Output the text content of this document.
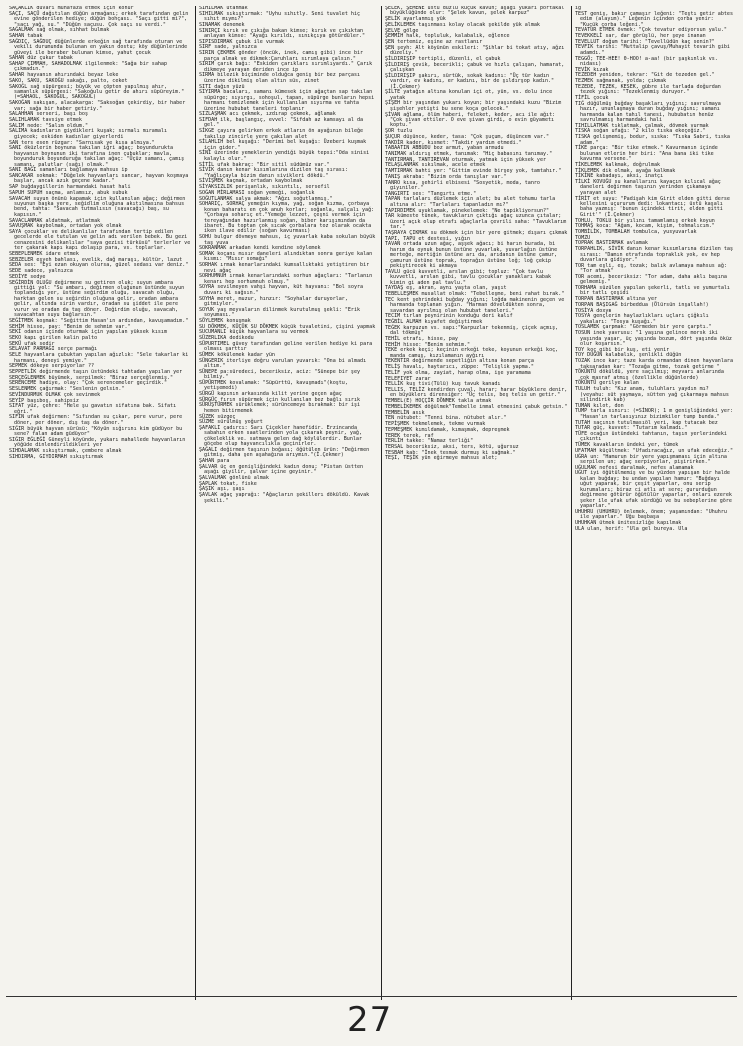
SAÇAKLIK duvarı muhafaza etmek için konur
SAÇI, SAÇÜ dağıtılan düğün armağanı; erkek tarafından gelin evine gönderilen hediye; düğün bohçası. "Saçı gitti mi?", "saçı yağ, su." "Düğün saçusu. Çok saçı su verdi."
SAĞALMAK sağ olmak, sıhhat bulmak
SAHAN tabak
SAĞDIÇ, SAĞDUÇ düğünlerde erkeğin sağ tarafında oturan ve vekili durumunda bulunan en yakın dostu; köy düğünlerinde güveyi ile beraber bulunan kimse, yahut çocuk
SAHAN düz çukur tabak
SAHAP ÇIMMAH, SAHADOLMAK ilgilenmek: "Sağa bir sahap çıkmadın."
SAHAR hayvanın ahırındaki beyaz leke
SAKO, SAKU, SAKOĞU sakağı, palto, ceket
SAKOĞL sağ süpürgesi; büyük ve çöpten yapılmış ahır, samanlık süpürgesi: "Sakoğulu getir de ahırı süpüreyim." (=SAHAOL, SAKOĞUL, SAKOĞUL)
SAKOĞAN sakışan, alacakarga: "Saksoğan çekirdiy, bir haber var; sağa bir haber getiriy."
SALAHHAN serseri, başı boş
SALIHLAMAK tavsiye etmek
SALIM nede: "Salım oldum."
SALIMA kadınların giydikleri kuşak; sırmalı mıramalı giyecek; eskiden kadınlar giyerlerdi
SAN ters esen rüzgar: "Sarnısak ye kısa almıya."
SANI öküzlerin boynuna takılan iğri ağaç; boyunduruktа hayvanın boynunun iki tarafına inen çubuklar; mavla, boyunduruk boyunduruğa takılan ağaç: "Üçüz samanı, çamış samanı, palutlar (sağı) olmak."
SANI BAĞI samanları bağlamaya mahsus ip
SANCAKAR sokmak: "Düğelek hayvanları sancar, hayvan koşmaya başlar, ancak azık geçene kadar."
SAP buğdaygillerin harmandaki hasat hali
SAPUH SUPUH saçma, anlamsız, abuk subuk
SAVACAH suyun önünü kapamak için kullanılan ağaç; değirmen suyunun başka yere, seğidlim oluğuna akıtılmasına bahsus bend, tahta: "Savacah tutmalısın (savacağı) baş, su kapısın."
SAVACLANMAK aldatmak, atlatmak
SAVUŞMAK kaybolmak, ortadan yok olmak
SAYA çocuklar ve delikanlılar tarafından tertip edilen gecelerde ele tutulan ve gelin adı verilen bebek. Bu gezi cenazesini delikanlılar "saya gezisi türküsü" terlerler ve ter çakarak kapı kapı dolaşıp para, vs. toplarlar.
SEBEPLENMEK idare etmek
SEBZELER eşyeh bahlası, evelik, dağ maraşı, kültür, lazut
SEDA ses: "Eyi ezan okuyan olursa, güzel sedası var deniz."
SEDE sadece, yalnızca
SEDİYE sedye
SEĞİRDİN OLUĞU değirmene su getiren oluk; suyun ambara gittiği yol: "Su ambarı, değirmen oluğunun üstünde suyun toplandığı yer, üstüne seğirdim oluğu, savacah oluğu, harktan gelen su seğirdin oluğuna gelir, oradan ambara gelir, altında sirin vardır, oradan su şiddet ile pere vurur ve oradan da taş döner. Değirdim oluğu, savacah, savacahtan suyu bağlarsın."
SEĞİTMEK koşmak: "Seğittim Hasan'ın ardından, kavuşamadım."
SEHİM hisse, pay: "Benim de sehmim var."
SEKİ odanın içinde oturmak için yapılan yüksek kısım
SEKO kapı girilen kalin palto
SEKÜ ufak sedir
SELAVAT PARMAĞI serçe parmağı
SELE hayvanlara çubuktan yapılan ağızlık: "Sele takarlar ki harmanı, deneyi yemiye."
SEPMEK dökeye serpiyorlar ??
SEPPETLİK değirmende taşın üstündeki tahtadan yapılan yer
SERÇEĞLENMEK büyümek, serpilmek: "Biraz serçeğlenmiş."
SERENCEME hadiye, olay: "Çok serencemeler geçirdik."
SESLENMEK çağırmak: "Seslenin gelsin."
SEVİNDURMUK OLMAK çok sevinmek
SEYİP başıboş, sahipsiz
SIFAT yüz, çehre: "Hele şu gavatın sifatına bak. Sifatı eğri."
SIFIN ufak değirmen: "Sıfından su çıkar, pere vurur, pere döner, per döner, dış taş da döner."
SIĞIR büyük hayvan sürüsü: "Köyün sığırını kim güdüyor bu sene? falan adam güdüyor"
SIĞIR EĞLEĞİ Güneyli köyünde, yukarı mahallede hayvanların yöğüde dinlendirildikleri yer
SIHDALAMAK sıkıştırmak, çembere almak
SIHDIRMA, GIYDIRMAH sıkıştırmak
SIHILMAK utanmak
SIHILMAK sıkıştırmak: "Uyhu sıhıtly. Seni tuvalet hiç sıhıt mıymı?"
SINAMAK denemek
SINIRÇI kırık ve çıkığa bakan kimse; kırık ve çıkıktan anlayan kimse: "Ayağı kırıldı, sınıkçıya götürdüler."
SIPISDIRMAK çubuk ile vurmak
SIRF sade, yalnızca
SIRIN ÇEKMEK gönder (öncük, inek, camış gibi) ince bir parça almak ve dikmek:Çaruhları sırımlaya çalsın."
SIRIM çarık bağı: "Eskiden çarıkları sırımlıyardı." Çarık dikmeye yarayan deriden ince ip
SIRMA bilezik biçiminde olduğca geniş bir bez parçası üzerine dikilmiş olan altın süs, zinet
SITI dağın yüzü
SIYIRMA bacaları, samanı kümesek için ağaçtan sap takılan süpürge; sıyırgı, sohoşul, tapan, süpürge bunların hepsi harmanı temizlemek için kullanılan sıyırma ve tahta üzerine hububat taneleri toplanır
SIZLAŞMAK acı çekmek, ızdırap çekmek, ağlamak
SIFDAH ilk, başlangıç, evvel: "Sifdah az kamsayı al da gel."
SİKGE çayıra gelirken erkek atların ön ayağının bileğe takılıp zincirle yere çakılan alet
SİLAHLIH bel kuşağı: "Derimi bel kuşağı: Üzeberi kuşmak için gider."
SİNİ üzerinde yemeklerin yendiği büyük tepsi:"Oda sinisi kalaylı olur."
SİTİL ufak bakraç: "Bir sitil südümüz var."
SİVİK danın kenar kısımlarına dizilen taş sırası: "Yağlıçayla bizim danın sivikleri dökdü."
SİVİŞMEK kaçmak, ortadan kaybolmak
SİYAKSIZLIK perişanlık, sıkıntılı, sersefil
SOĞAN MİRLAMASI soğan yemeği, soğanlık
SOĞUTLANMAK salya akmak: "Ağzı soğutlanmış."
SOHARIÇ, SORHAÇ yemeğin kıyma, yağ, soğan kızma, çorbaya konan baharatı en çok anuh korlar; soğanla, salçalı yağ: "Çorbaya soharıç et."Yemeğe lezzet, çeşni vermek için tereyağından hazırlanmış soğan, biber karışımından da ibaret. Bu toptan çok sıcak çorbalara toz olarak ocakta iken ilave edilir (soğan kavurması)
SOHU bulgur dövmeye mahsus, iç yuvarlak kaba sokulan büyük taş yuva
SOKRANMAK arkadan kendi kendine söylemek
SOMAK koçanı mısır daneleri alındıktan sonra geriye kalan kısmı: "Mısır somağı"
SORHAK ırmak kenarlarındaki kumsallıktaki yetiştiren bir nevi ağaç
SORHUMNUH ırmak kenarlarındaki sorhun ağaçları: "Tarlanın kenarı hep sorhumnuh olmuş."
SOYRA sevilmeyen vahşi hayvan, küt hayvanı: "Bol soyra duvarı ki sağsın."
SOYHA meret, muzur, hınzır: "Soyhalar duruyorlar, gitmiyler."
SOYUK yaş meyvaların dilinmek kurutulmuş şekli: "Erik soyuması."
SÖYLEMEK konuşmak
SU DÖKMEK, KÜÇÜK SU DÖKMEK küçük tuvaletini, çişini yapmak
SUCUMANLI küçük hayvanlara su vermek
SÜZERLIKA dedikodu
SÜPURTIMEL güvey tarafından geline verilen hediye ki para olması şarttır
SÜMEK kökülemek kadar yün
SÜNGERIK iterliye doğru varulan yuvarık: "Ona bi almadı altım."
SÜNEPE pa:süredeci, beceriksiz, aciz: "Sünepe bir şey bilmiy."
SÜPÜRTMEK kovalamak: "Süpürttü, kavuşmadı"(koştu, yetişemedi)
SÜRGÜ kapının arkasında kilit yerine geçen ağaç
SÜRGÜÇ fırın süpürmek için kullanılan bez bağlı sırık
SÜRÜŞTÜRMEK sürüklemek; sürüncemeye bırakmak: bir işi hemen bitirmemek
SÜZEK süzgeç
SÜZME sürülmüş yoğurt
ŞAFAKLI çadırcı: Sarı Çiçekler hanefidir. Erzincanda sabahın erken saatlerinden yola çıkarak peynir, yağ, çökeleklik ve. satmaya gelen dağ köylülerdir. Bunlar göçebe olup hayvancılıkla geçinirler.
ŞAĞALI değirmen taşının boğası; öğütülen ürün: "Değirmen gitmiş, daha şen aşahağına arıymın."(İ.Çekmer)
ŞAHAN para
ŞALVAR üç en genişliğindeki kadın donu; "Pistan üstten aşağı giyilir, şalvar içine geyinir."
ŞALVALMAK gönlünü almak
ŞAPLAK tokat, fiske
ŞAŞIK aşı, şaşı
ŞAVLAK ağaç yaprağı: "Ağaçların şekillerı döküldü. Kavak şekili."
ŞELEK, ŞEMENE üstü düzlü küçük kavun; aşağı yukarı portakal büyüklüğünde olur: "Şelek kavun, şelek karpuz"
ŞELİK ayarlanmış yük
ŞELİKLEMEK taşınması kolay olacak şekilde yük almak
ŞELVE gölge
ŞEMMİH halk, topluluk, kalabalık, eğlence
ŞEN tertemiz, eşine az rastlanır
ŞEN şeyh: Alt köyünün eskileri: "Şihlar bi tokat atıy, ağzı düzeliy."
ŞİLDIRIŞIP tertipli, düzenli, el çabuk
ŞİLDIRIŞ çevik, becerikli; çabuk ve hızlı çalışan, hamarat, çalışkan
ŞİLDIRIŞIP şakırı, sürtük, sokak kadını: "Üç tür kadın vardır, ev kadını, er kadını, bir de şıldırşop kadın." (İ.Çekmer)
ŞİLTE yatağın altına konulan içi ot, yün, vs. dolu ince yatak
ŞİŞEH bir yaşından yukarı koyun; bir yaşındaki kuzu "Bizim şişehler yetişti bu sene koça gelecek."
ŞİVAN ağlama, ölüm haberi, feleket, keder, acı ile ağıt: "Çok şivan ettiler. O eve şivan girdi, o evin güyametı koptu."
ŞOR tuzlu
ŞUÇUR düşünce, keder, tasa: "Çok şuçum, düşüncem var."
TAKDİR kader, kısmet: "Takdir yardım etmedi."
TABAATIN ABBUDU boz armut, yaban armudu
TANIMAK aldırış etmek, tanımak: "Hiç babasını tanımay."
TANTIRMAN, TANTIREVAN oturmak, yatmak için yüksek yer
TELAŞLANMAK sıkılmak, acele etmek
TAMTIRMAK bahti yer: "Gittim evinde birşey yok, tamtahır."
TANIŞ akraba: "Bizim orda tanışlar var."
TANRO kısa, şehirli elbisesi "Sosyetik, moda, tanro giyıniler."
TANGIRTI ses: "Tangırtı etme."
TAPAN tarlaları düzlemek için alet; bu alet tohumu tarla altına alır: "Tarlaları tapanladın mı?"
TAPIRDIMEK uyuklamak, pinekelemek: "Ne tapikliyorsun?"
TAR kümeste tünek, tavukların çıktığı ağaç uzunca çıtalar; üzeri açık olup etrafı ağaçlarla çevrili saha: "Tavuklarım tar."
TAŞRAYA ÇIKMAK su dökmek için bir yere gitmek; dışarı çıkmak
TAPI, TAPU et destesi, yığın
TAVAN ortada uzun ağaç, aşşek ağacı; bi harın burada, bi harım da oynuk bunun üstüne yuvarlak, yuvarlağın üstüne merteğe, mertiğin üstüne arı da, arıdanın üstüne çamur, çamurun üstüne toprak, toprağın üstüne loğ; loğ çekip pekiştirecek ki akmaya
TAVLU gücü kuvvetli, arslan gibi; topluz: "Çok tavlu kuvvetli, arslan gibi, tavlu çocuklar yanakları kabak kimin gi aden pal tavlu."
TAYDAŞ eş, akran, aynı yaşta olan, yaşıt
TEBELLEŞMEK musallat olmak: "Tebelleşme, beni rahat bırak."
TEC kent şehrindeki buğday yığını; loğda makinenin geçen ve harmanda toplanan yığın. "Harman döveldükten sonra, savardan ayrılmış olan hububat taneleri."
TECIM tırlan peynirinin konduğu deri kalıf
TEĞBİL ALMAH kıyafet değiştirmek
TEĞEK karpuzun vs. sapı:"Karpuzlar tekenmiş, çiçek açmış, dal tökmüş"
TEHİL etrafı, hisse, pay
TEHİH hisse: "Benim sehmim."
TEKE erkek keçi; keçinin erkeği teke, koyunun erkeği koç, manda camuş, kızılamanın ayğırı
TEKENTIR değirmende sepetliğin altına konan parça
TELİŞ havalı, haytarıcı, züppe: "Telişlik yapma."
TELİF yok olma, zayiat, harap olma, işe yaramama
TELEFIYET zarar
TELLİK kuş tivi(Tülü) kuş tavuk kanadı
TELLIS, TELİZ kendirden çuval, harar; harar büyüklere denir, en büyüklerı dirensiğer: "Üç telis, beş telis un getir."
TEMBEL(E) HOÇÇİR DÖNMEK takla atmak
TEMBELİKEMEK döğülmek"Tembelle inmal etmesini çabuk getsin."
TEMBELİN asık
TEN nütubet: "Tenni bina. nütubet alır."
TEPİŞMEK tekmelemek, tekme vurmak
TEPMEŞMEK kımıldamak, kımaşmak, depreşmek
TEREK terek, raf
TERLİH takke: "Namaz terliği"
TERSAL beceriksiz, aksi, ters, kötü, uğursuz
TESBAH kab: "İnek tesmak durmuş ki sağmak."
TEŞI, TEŞİK yün eğirmeye mahsus alet;
iğ
TEST geniş, bakır çamaşır leğeni: "Teştı getir abtes edim (alayım)." Leğenin içinden çorba yenir: "Kuçük çorba leğeni."
TEVATUR ETMEK övmek: "Çok tevatur ediyorsun yalu."
TEVEKKELİ sar, dar görüşlü, her şeye inanan
TEVELLUT doğum tarihi: "Tevellüdün kaç senin?"
TEVFIK tarihi: "Muttalip çavuş/Muhayit tevarih gibi adamdı."
TEGGÖ; TEE-HEE! 0-HOO! a-aa! (bir şaşkınlık vs. nidası)
TEVİK kızak
TEZEDEH yeniden, tekrar: "Git de tezeden gel."
TEZMEK sağmanak, yolda; çıkmak
TEZEDE, TEZEK, KESEK, gübre ile tarlada doğurdan tezek yığını: "Tezeklenmiş duruyor."
TİFİL çocuk
TIĞ düğülmüş buğday başakları yığını; savrulmaya hazır, ununlaşmaya duran buğday yığını; samanı harmanda kalan tahıl tanesi, hububatın henüz savrulmamış harmandaki hali
TIHILLATMAK tıklatmak, çalmak, dövmek vurmak
TISKA soğan ufağı: "2 kilo tıska ekeçeğiz."
TISKA gelişmemiş, bodur, sıska: "Tıska Sabri, tıska adam."
TİKE parça: "Bir tike etmek." Kavurmanın içinde bulunan etlerin her biri: "Ana bana iki tike kavurma versene."
TİKELEMEK kalkmak, doğrulmak
TİKLEMEK dik olmak, ayağa kalkmak
TİKİNE kabadayı, aksi, inatçı
TİLKİ KOVUĞU su kanallarını kayaçın kılıcal ağaç daneleri değirmen taşının yerinden çıkamaya yarayan alet
TİRİT et suyu: "Padişah kim Girit elden gitti derse kellesini uçururum dedi: lokantacı; üstü kaşalı baha yazmış: 'bunun içindeki tirit, elden gitti Girit'" (İ.Çekmer)
TOHLU, TOKLU bir yılını tamamlamış erkek koyun
TOHMAŞ koca: "Ağam, kocam, kişim, tohmalıcım."
TOMBİLİK, TOMBALAH tombulca, yusyuvarlak
TOMZU
TOPRAK BASTIRMAK avlamak
TORPAHLIK, SİVİK danın kenar kısımlarına dizilen taş sırası: "Damın etrafında topraklık yok, ev hep duvarlara gidiyor."
TOR tam eşli, eş, tozak; balık avlamaya mahsus ağ: "Tor atmak"
TOR acemi, beceriksiz: "Tor adam, daha aklı başına gelmemiş."
TORHAMA süzülen yapılan şekerli, tatlı ve yumurtalı bir tatlı çeşidi
TORPAN BASTIRMAK altına yer
TORPAN BAŞIGAĞ birbeddua (Ölürsün inşallah!)
TOSİYA doxyв
TOSYA gençlerin haylazlıkları uçları çiğkılı yakaları: "Tosya kuşağı."
TOSLAMEK çarpmak: "Görmeden bir yere çarptı."
TOSUN inek yavrusu: "1 yaşına gelince morsk iki yaşında yaşar, üç yaşında bozum, dört yaşında öküz olur koşarsın."
TOY koç gibi bir kuş, eti yenir
TOY DÜĞÜN kalabalık, şenlikli düğün
TOZAK ince kar; taze karda ormandan dinen hayvanlara taksaradan kar: "Tozağa gitme, tozak getirme "
TÖKÜNTÜ döküldü, yere saçılmış; meyvarı anlarında çok masraf atmış (özellikle düğünlerde)
TÖKÜNTÜ gerilye kalan
TULUH tuluh: "Kız anam, tuluhları yaydın mı? (veyahu: süt yaymaya, sütten yağ çıkarmaya mahsus silindirik kab)
TUMAN kılot, don
TUMP tarla sınırı: (=SİNOR); 1 m genişliğindeki yer: "Hasan'ın tarlasıyınız bizimkiler tump bunda."
TUTAH saçının tutulmasıöl yeri, kap tutacak bez
TUTAR güç, kuvvet: "Tutarım kalmadı."
TÜFE ocağın üstündeki tahtanın, taşın yerlerindeki çıkıntı
TÜMEK kavakların ündeki yer, tümek
UFATMAH küçültmek: "Ufadıracağız, un ufak edeceğiz."
UĞRA un: "Hamurun bir yere yapışmaması için altına serpilen un; ağaç serpiyorlar, pişirirken."
UĞULMAK nefesi daralmak, nefes alamamak
UĞUT iyi öğütülmemiş ve bu yüzden yapışan bir halde kalan buğday; bu undan yapılan hamur: "Buğdayı uğut yaparak, bir çeşit yaparlar, onu serip kurumaları; biraz ci atlı at sere; gururduğun değirmene götürür öğütülür yaparlar, onları ezerek şeker ile ufak ufak sürdüğü ve bu sebeplerine göre yaparlar."
UHUHRU (UHUHRU) önlemek, önem; yaşamından: "Uhuhru ile yaparlar." Uğu başbaşa
UHUHKAN ütmek ünitesizliğe kapılmak
ULA ulan, herif: "Ula gel bureya. Ula
27
